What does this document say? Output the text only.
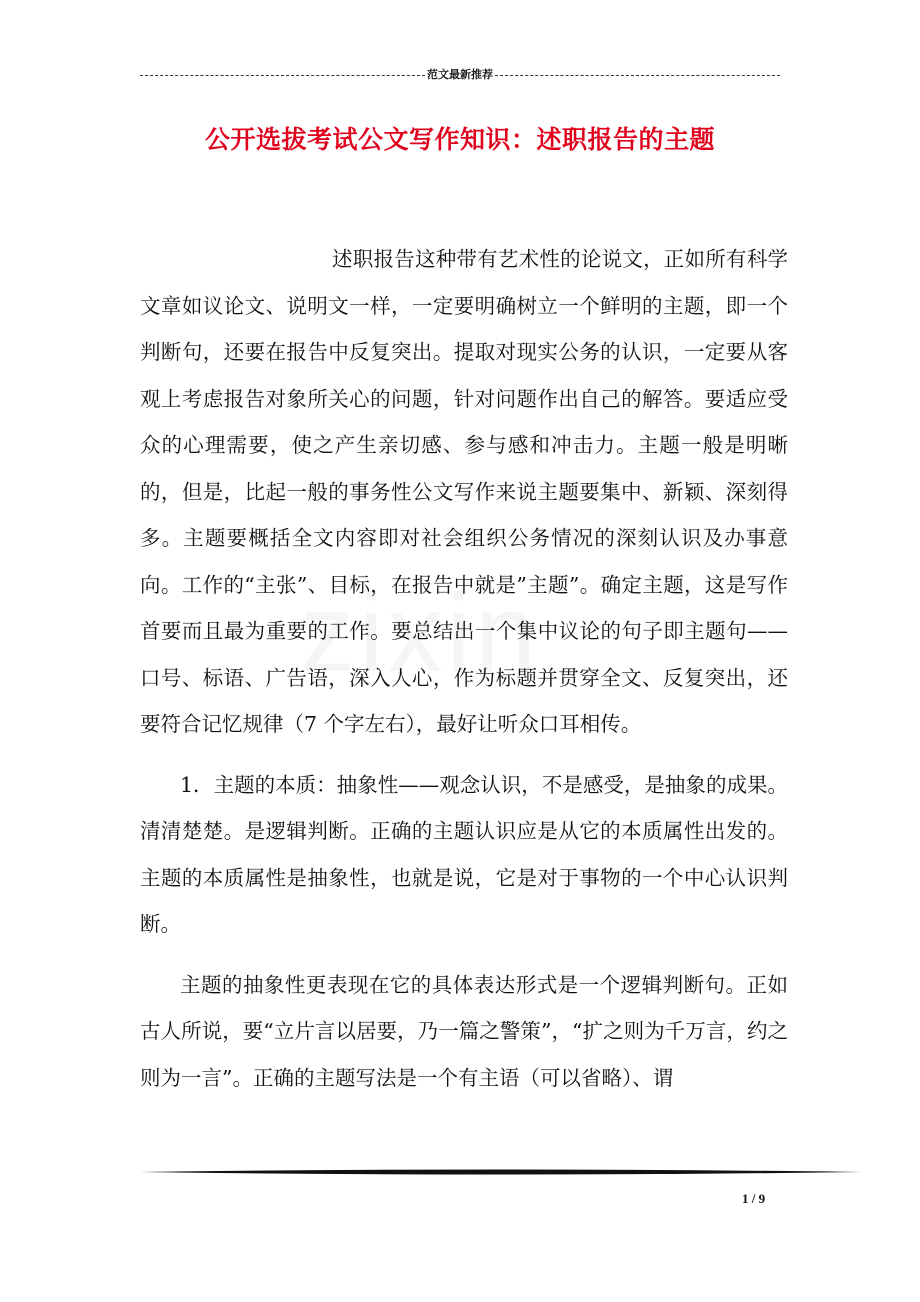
范文最新推荐
公开选拔考试公文写作知识：述职报告的主题

述职报告这种带有艺术性的论说文，正如所有科学文章如议论文、说明文一样，一定要明确树立一个鲜明的主题，即一个判断句，还要在报告中反复突出。提取对现实公务的认识，一定要从客观上考虑报告对象所关心的问题，针对问题作出自己的解答。要适应受众的心理需要，使之产生亲切感、参与感和冲击力。主题一般是明晰的，但是，比起一般的事务性公文写作来说主题要集中、新颖、深刻得多。主题要概括全文内容即对社会组织公务情况的深刻认识及办事意向。工作的“主张”、目标，在报告中就是”主题”。确定主题，这是写作首要而且最为重要的工作。要总结出一个集中议论的句子即主题句——口号、标语、广告语，深入人心，作为标题并贯穿全文、反复突出，还要符合记忆规律（7 个字左右），最好让听众口耳相传。

1．主题的本质：抽象性——观念认识，不是感受，是抽象的成果。清清楚楚。是逻辑判断。正确的主题认识应是从它的本质属性出发的。主题的本质属性是抽象性，也就是说，它是对于事物的一个中心认识判断。

主题的抽象性更表现在它的具体表达形式是一个逻辑判断句。正如古人所说，要“立片言以居要，乃一篇之警策”，“扩之则为千万言，约之则为一言”。正确的主题写法是一个有主语（可以省略）、谓

1 / 9
